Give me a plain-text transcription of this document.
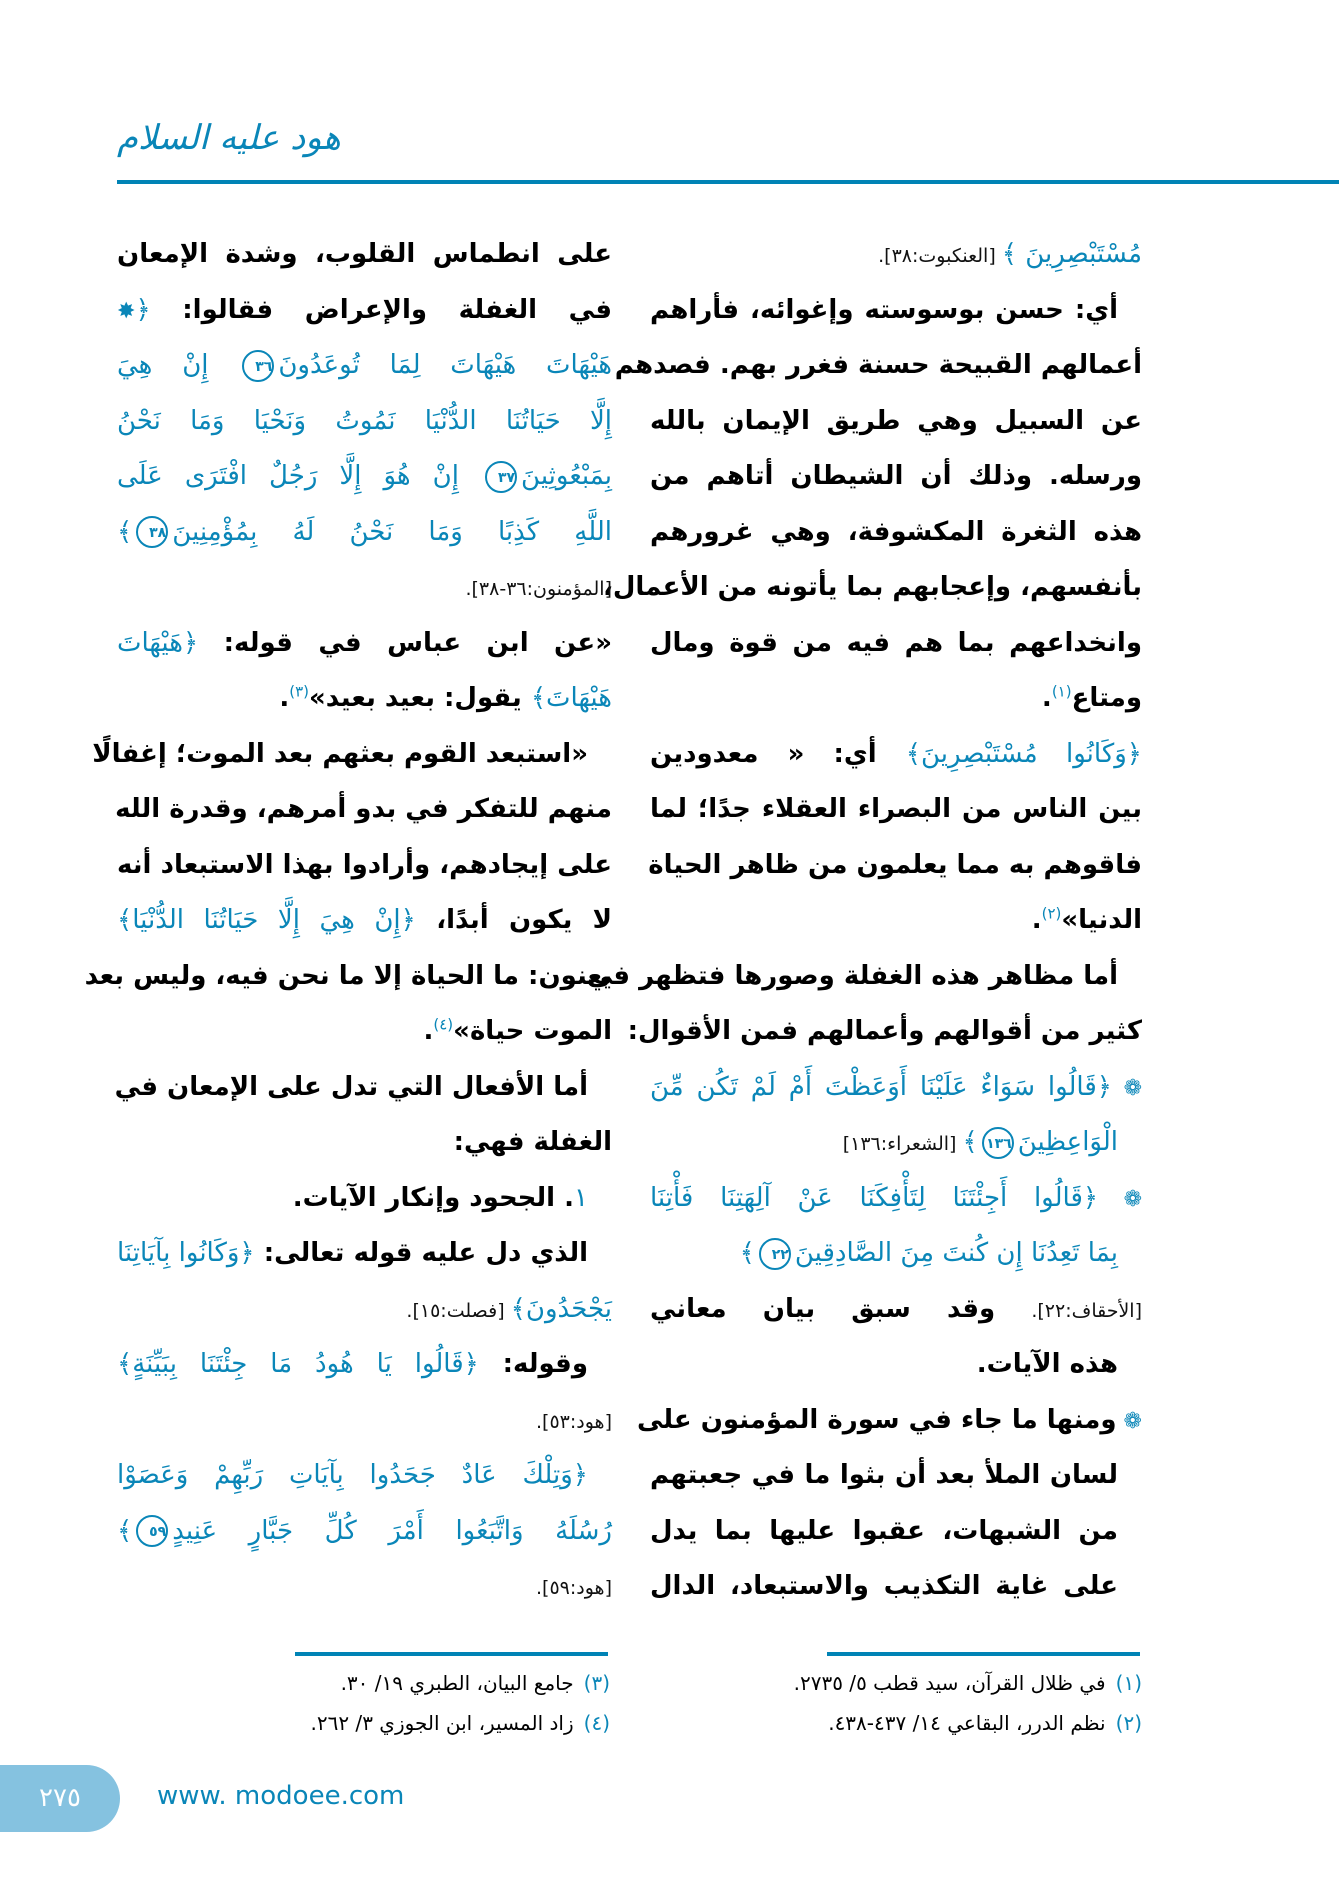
هود عليه السلام
مُسْتَبْصِرِينَ ﴾ [العنكبوت:٣٨].
أي: حسن بوسوسته وإغوائه، فأراهم
أعمالهم القبيحة حسنة فغرر بهم. فصدهم
عن السبيل وهي طريق الإيمان بالله
ورسله. وذلك أن الشيطان أتاهم من
هذه الثغرة المكشوفة، وهي غرورهم
بأنفسهم، وإعجابهم بما يأتونه من الأعمال،
وانخداعهم بما هم فيه من قوة ومال
ومتاع$^{(١)}$.
﴿وَكَانُوا مُسْتَبْصِرِينَ﴾ أي: « معدودين
بين الناس من البصراء العقلاء جدًا؛ لما
فاقوهم به مما يعلمون من ظاهر الحياة
الدنيا»$^{(٢)}$.
أما مظاهر هذه الغفلة وصورها فتظهر في
كثير من أقوالهم وأعمالهم فمن الأقوال:
❁ ﴿قَالُوا سَوَاءٌ عَلَيْنَا أَوَعَظْتَ أَمْ لَمْ تَكُن مِّنَ
الْوَاعِظِينَ١٣٦﴾ [الشعراء:١٣٦]
❁ ﴿قَالُوا أَجِئْتَنَا لِتَأْفِكَنَا عَنْ آلِهَتِنَا فَأْتِنَا
بِمَا تَعِدُنَا إِن كُنتَ مِنَ الصَّادِقِينَ٢٢﴾
[الأحقاف:٢٢]. وقد سبق بيان معاني
هذه الآيات.
❁ ومنها ما جاء في سورة المؤمنون على
لسان الملأ بعد أن بثوا ما في جعبتهم
من الشبهات، عقبوا عليها بما يدل
على غاية التكذيب والاستبعاد، الدال
على انطماس القلوب، وشدة الإمعان
في الغفلة والإعراض فقالوا: ﴿✸
هَيْهَاتَ هَيْهَاتَ لِمَا تُوعَدُونَ٣٦ إِنْ هِيَ
إِلَّا حَيَاتُنَا الدُّنْيَا نَمُوتُ وَنَحْيَا وَمَا نَحْنُ
بِمَبْعُوثِينَ٣٧ إِنْ هُوَ إِلَّا رَجُلٌ افْتَرَى عَلَى
اللَّهِ كَذِبًا وَمَا نَحْنُ لَهُ بِمُؤْمِنِينَ٣٨﴾
[المؤمنون:٣٦-٣٨].
«عن ابن عباس في قوله: ﴿هَيْهَاتَ
هَيْهَاتَ﴾ يقول: بعيد بعيد»$^{(٣)}$.
«استبعد القوم بعثهم بعد الموت؛ إغفالًا
منهم للتفكر في بدو أمرهم، وقدرة الله
على إيجادهم، وأرادوا بهذا الاستبعاد أنه
لا يكون أبدًا، ﴿إِنْ هِيَ إِلَّا حَيَاتُنَا الدُّنْيَا﴾
يعنون: ما الحياة إلا ما نحن فيه، وليس بعد
الموت حياة»$^{(٤)}$.
أما الأفعال التي تدل على الإمعان في
الغفلة فهي:
١. الجحود وإنكار الآيات.
الذي دل عليه قوله تعالى: ﴿وَكَانُوا بِآيَاتِنَا
يَجْحَدُونَ﴾ [فصلت:١٥].
وقوله: ﴿قَالُوا يَا هُودُ مَا جِئْتَنَا بِبَيِّنَةٍ﴾
[هود:٥٣].
﴿وَتِلْكَ عَادٌ جَحَدُوا بِآيَاتِ رَبِّهِمْ وَعَصَوْا
رُسُلَهُ وَاتَّبَعُوا أَمْرَ كُلِّ جَبَّارٍ عَنِيدٍ٥٩﴾
[هود:٥٩].
(١)في ظلال القرآن، سيد قطب ٥/ ٢٧٣٥.
(٢)نظم الدرر، البقاعي ١٤/ ٤٣٧-٤٣٨.
(٣)جامع البيان، الطبري ١٩/ ٣٠.
(٤)زاد المسير، ابن الجوزي ٣/ ٢٦٢.
٢٧٥	www. modoee.com
